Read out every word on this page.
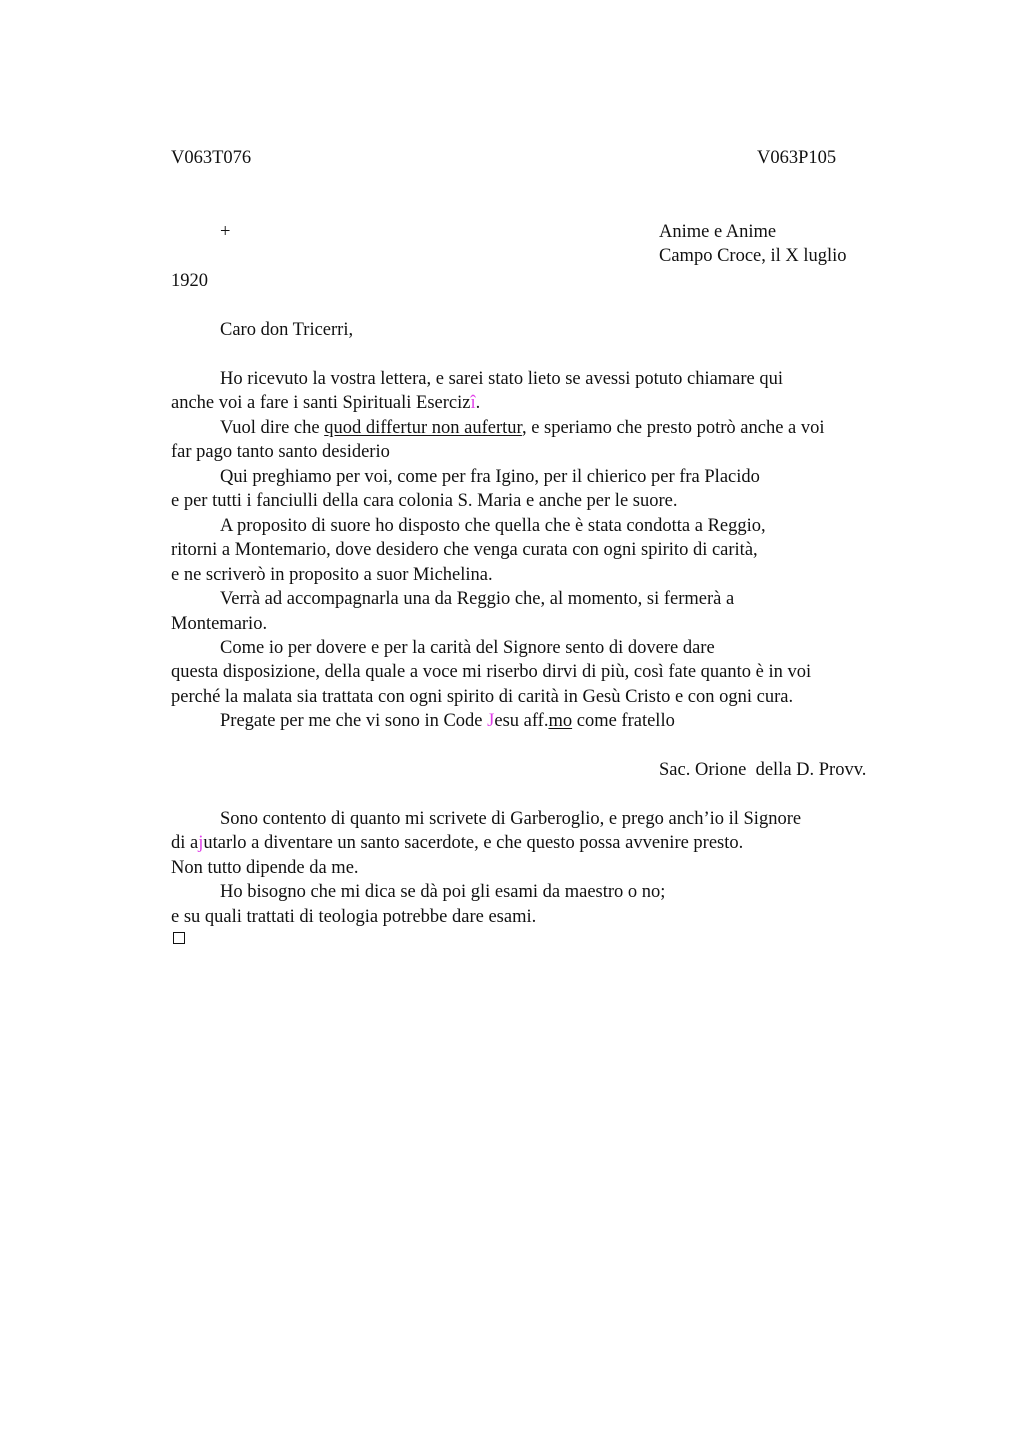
V063T076	V063P105
+	Anime e Anime
Campo Croce, il X luglio
1920
Caro don Tricerri,
Ho ricevuto la vostra lettera, e sarei stato lieto se avessi potuto chiamare qui
anche voi a fare i santi Spirituali Esercizî.
Vuol dire che quod differtur non aufertur, e speriamo che presto potrò anche a voi
far pago tanto santo desiderio
Qui preghiamo per voi, come per fra Igino, per il chierico per fra Placido
e per tutti i fanciulli della cara colonia S. Maria e anche per le suore.
A proposito di suore ho disposto che quella che è stata condotta a Reggio,
ritorni a Montemario, dove desidero che venga curata con ogni spirito di carità,
e ne scriverò in proposito a suor Michelina.
Verrà ad accompagnarla una da Reggio che, al momento, si fermerà a
Montemario.
Come io per dovere e per la carità del Signore sento di dovere dare
questa disposizione, della quale a voce mi riserbo dirvi di più, così fate quanto è in voi
perché la malata sia trattata con ogni spirito di carità in Gesù Cristo e con ogni cura.
Pregate per me che vi sono in Code Jesu aff.mo come fratello
Sac. Orione  della D. Provv.
Sono contento di quanto mi scrivete di Garberoglio, e prego anch’io il Signore
di ajutarlo a diventare un santo sacerdote, e che questo possa avvenire presto.
Non tutto dipende da me.
Ho bisogno che mi dica se dà poi gli esami da maestro o no;
e su quali trattati di teologia potrebbe dare esami.
